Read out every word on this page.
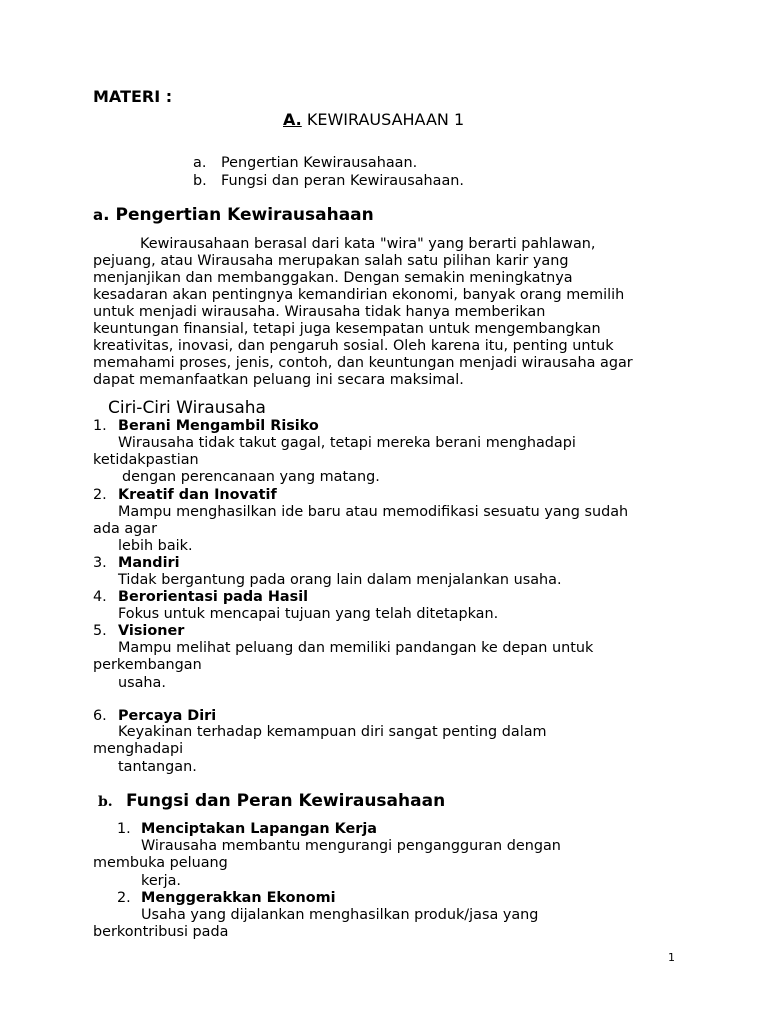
MATERI :
A. KEWIRAUSAHAAN 1
a. Pengertian Kewirausahaan.
b. Fungsi dan peran Kewirausahaan.
a. Pengertian Kewirausahaan
Kewirausahaan berasal dari kata "wira" yang berarti pahlawan,
pejuang, atau Wirausaha merupakan salah satu pilihan karir yang
menjanjikan dan membanggakan. Dengan semakin meningkatnya
kesadaran akan pentingnya kemandirian ekonomi, banyak orang memilih
untuk menjadi wirausaha. Wirausaha tidak hanya memberikan
keuntungan finansial, tetapi juga kesempatan untuk mengembangkan
kreativitas, inovasi, dan pengaruh sosial. Oleh karena itu, penting untuk
memahami proses, jenis, contoh, dan keuntungan menjadi wirausaha agar
dapat memanfaatkan peluang ini secara maksimal.
Ciri-Ciri Wirausaha
1. Berani Mengambil Risiko
Wirausaha tidak takut gagal, tetapi mereka berani menghadapi
ketidakpastian
dengan perencanaan yang matang.
2. Kreatif dan Inovatif
Mampu menghasilkan ide baru atau memodifikasi sesuatu yang sudah
ada agar
lebih baik.
3. Mandiri
Tidak bergantung pada orang lain dalam menjalankan usaha.
4. Berorientasi pada Hasil
Fokus untuk mencapai tujuan yang telah ditetapkan.
5. Visioner
Mampu melihat peluang dan memiliki pandangan ke depan untuk
perkembangan
usaha.
6. Percaya Diri
Keyakinan terhadap kemampuan diri sangat penting dalam
menghadapi
tantangan.
b. Fungsi dan Peran Kewirausahaan
1. Menciptakan Lapangan Kerja
Wirausaha membantu mengurangi pengangguran dengan
membuka peluang
kerja.
2. Menggerakkan Ekonomi
Usaha yang dijalankan menghasilkan produk/jasa yang
berkontribusi pada
1
